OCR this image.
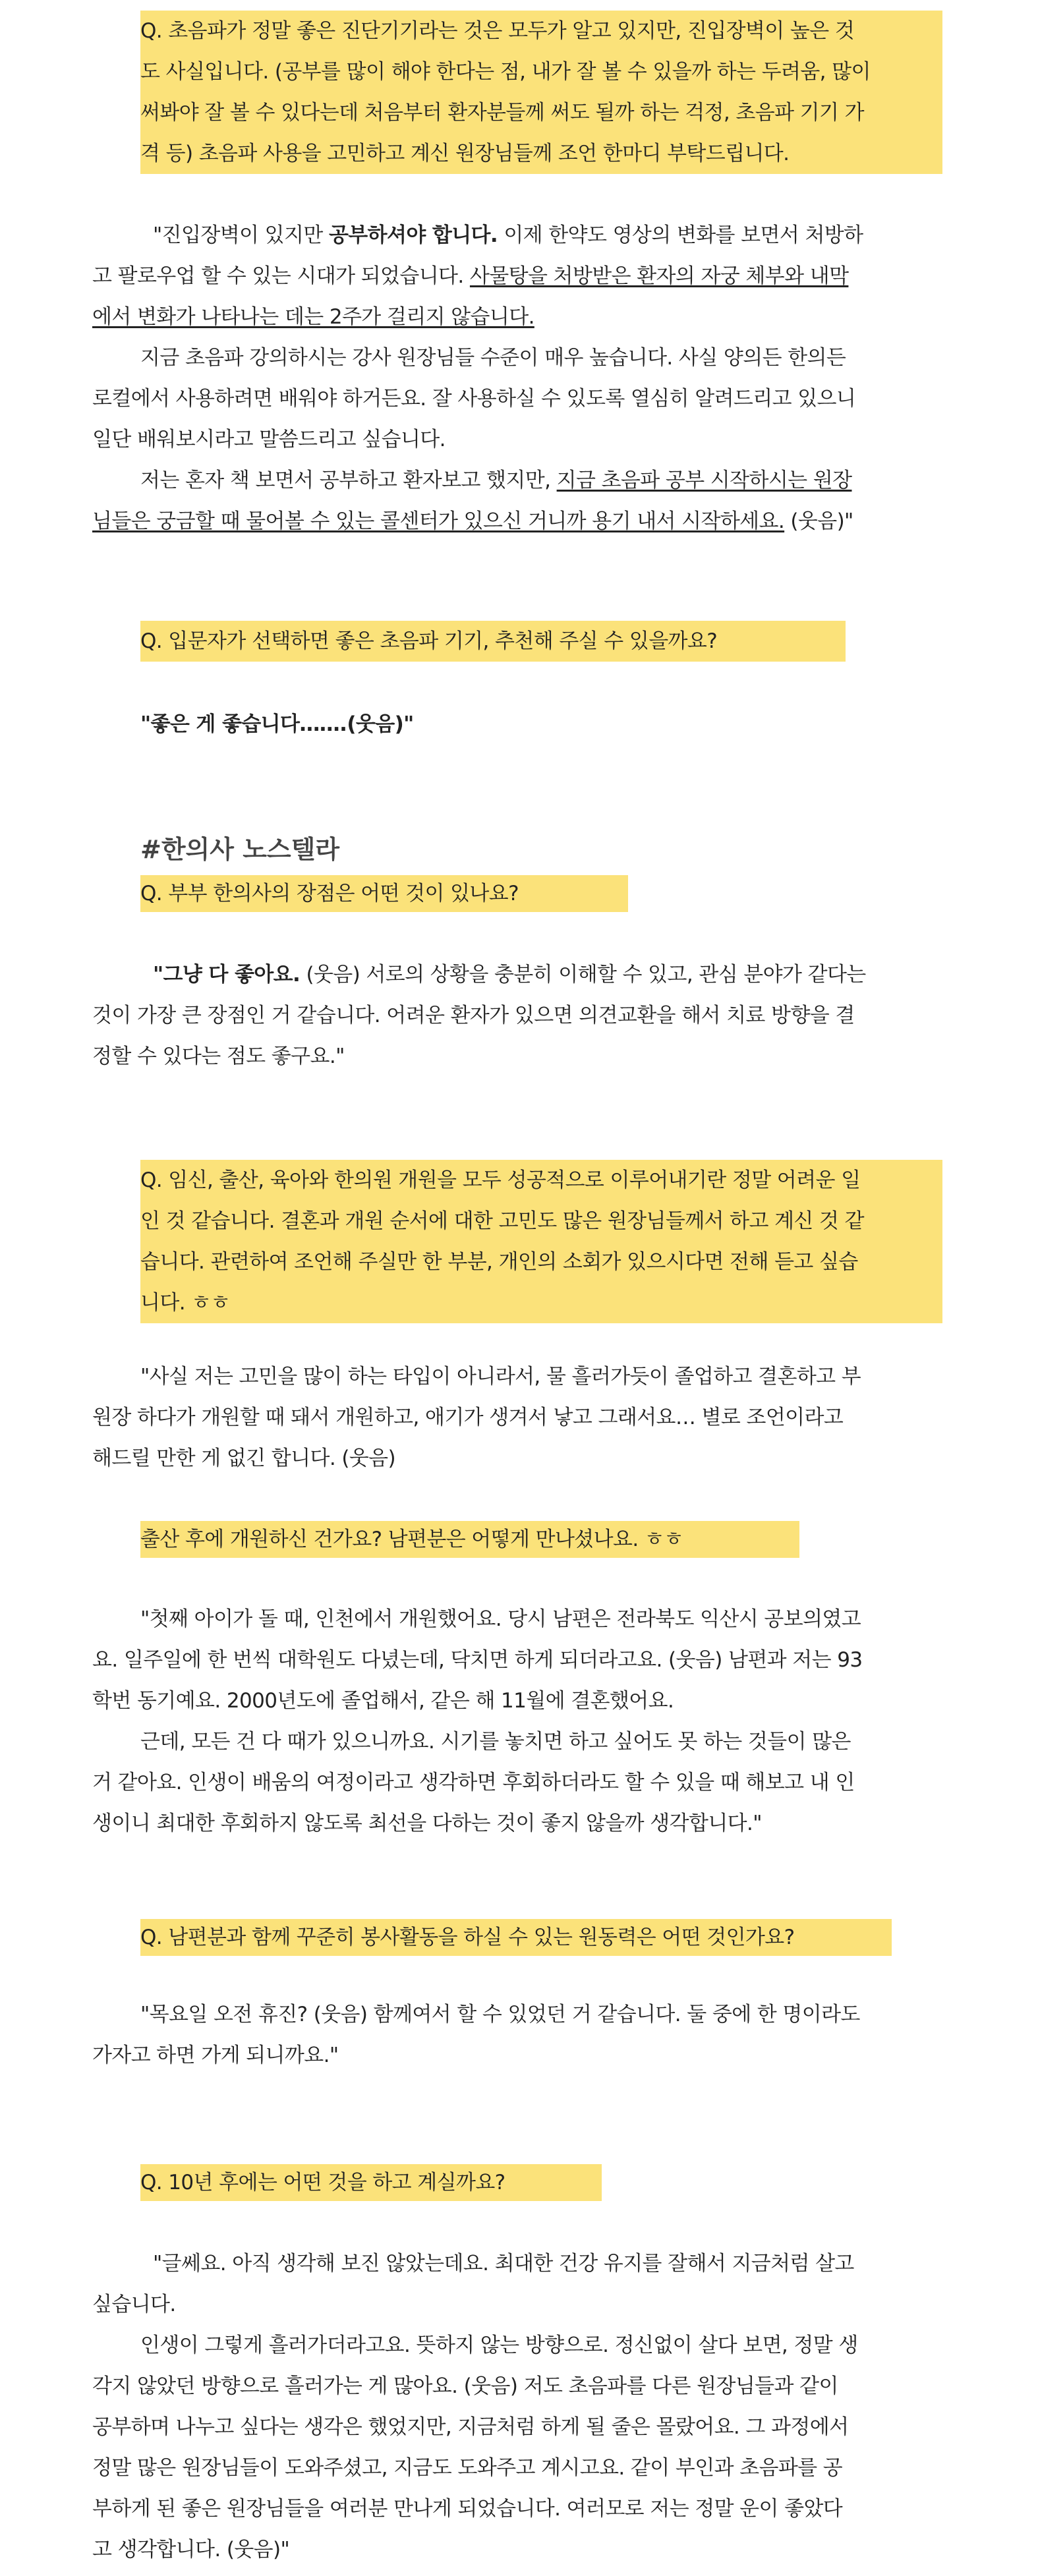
Q. 초음파가 정말 좋은 진단기기라는 것은 모두가 알고 있지만, 진입장벽이 높은 것
도 사실입니다. (공부를 많이 해야 한다는 점, 내가 잘 볼 수 있을까 하는 두려움, 많이
써봐야 잘 볼 수 있다는데 처음부터 환자분들께 써도 될까 하는 걱정, 초음파 기기 가
격 등) 초음파 사용을 고민하고 계신 원장님들께 조언 한마디 부탁드립니다.
"진입장벽이 있지만 공부하셔야 합니다. 이제 한약도 영상의 변화를 보면서 처방하
고 팔로우업 할 수 있는 시대가 되었습니다. 사물탕을 처방받은 환자의 자궁 체부와 내막
에서 변화가 나타나는 데는 2주가 걸리지 않습니다.
지금 초음파 강의하시는 강사 원장님들 수준이 매우 높습니다. 사실 양의든 한의든
로컬에서 사용하려면 배워야 하거든요. 잘 사용하실 수 있도록 열심히 알려드리고 있으니
일단 배워보시라고 말씀드리고 싶습니다.
저는 혼자 책 보면서 공부하고 환자보고 했지만, 지금 초음파 공부 시작하시는 원장
님들은 궁금할 때 물어볼 수 있는 콜센터가 있으신 거니까 용기 내서 시작하세요. (웃음)"
Q. 입문자가 선택하면 좋은 초음파 기기, 추천해 주실 수 있을까요?
"좋은 게 좋습니다…….(웃음)"
#한의사 노스텔라
Q. 부부 한의사의 장점은 어떤 것이 있나요?
"그냥 다 좋아요. (웃음) 서로의 상황을 충분히 이해할 수 있고, 관심 분야가 같다는
것이 가장 큰 장점인 거 같습니다. 어려운 환자가 있으면 의견교환을 해서 치료 방향을 결
정할 수 있다는 점도 좋구요."
Q. 임신, 출산, 육아와 한의원 개원을 모두 성공적으로 이루어내기란 정말 어려운 일
인 것 같습니다. 결혼과 개원 순서에 대한 고민도 많은 원장님들께서 하고 계신 것 같
습니다. 관련하여 조언해 주실만 한 부분, 개인의 소회가 있으시다면 전해 듣고 싶습
니다. ㅎㅎ
"사실 저는 고민을 많이 하는 타입이 아니라서, 물 흘러가듯이 졸업하고 결혼하고 부
원장 하다가 개원할 때 돼서 개원하고, 애기가 생겨서 낳고 그래서요… 별로 조언이라고
해드릴 만한 게 없긴 합니다. (웃음)
출산 후에 개원하신 건가요? 남편분은 어떻게 만나셨나요. ㅎㅎ
"첫째 아이가 돌 때, 인천에서 개원했어요. 당시 남편은 전라북도 익산시 공보의였고
요. 일주일에 한 번씩 대학원도 다녔는데, 닥치면 하게 되더라고요. (웃음) 남편과 저는 93
학번 동기예요. 2000년도에 졸업해서, 같은 해 11월에 결혼했어요.
근데, 모든 건 다 때가 있으니까요. 시기를 놓치면 하고 싶어도 못 하는 것들이 많은
거 같아요. 인생이 배움의 여정이라고 생각하면 후회하더라도 할 수 있을 때 해보고 내 인
생이니 최대한 후회하지 않도록 최선을 다하는 것이 좋지 않을까 생각합니다."
Q. 남편분과 함께 꾸준히 봉사활동을 하실 수 있는 원동력은 어떤 것인가요?
"목요일 오전 휴진? (웃음) 함께여서 할 수 있었던 거 같습니다. 둘 중에 한 명이라도
가자고 하면 가게 되니까요."
Q. 10년 후에는 어떤 것을 하고 계실까요?
"글쎄요. 아직 생각해 보진 않았는데요. 최대한 건강 유지를 잘해서 지금처럼 살고
싶습니다.
인생이 그렇게 흘러가더라고요. 뜻하지 않는 방향으로. 정신없이 살다 보면, 정말 생
각지 않았던 방향으로 흘러가는 게 많아요. (웃음) 저도 초음파를 다른 원장님들과 같이
공부하며 나누고 싶다는 생각은 했었지만, 지금처럼 하게 될 줄은 몰랐어요. 그 과정에서
정말 많은 원장님들이 도와주셨고, 지금도 도와주고 계시고요. 같이 부인과 초음파를 공
부하게 된 좋은 원장님들을 여러분 만나게 되었습니다. 여러모로 저는 정말 운이 좋았다
고 생각합니다. (웃음)"
